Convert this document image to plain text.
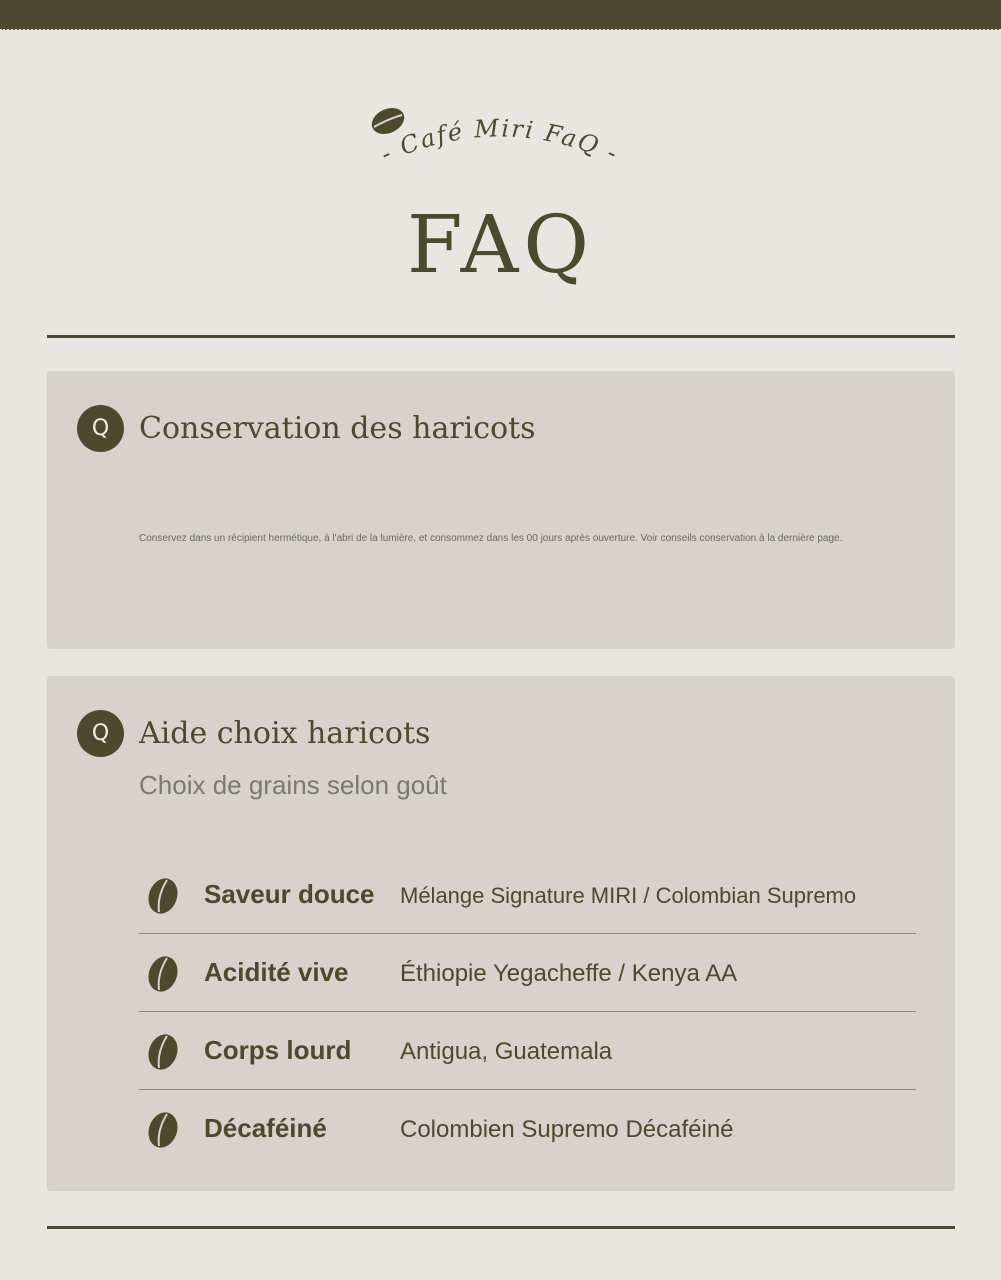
- Café Miri FaQ -
FAQ
Q Conservation des haricots
Conservez dans un récipient hermétique, à l'abri de la lumière, et consommez dans les 00 jours après ouverture. Voir conseils conservation à la dernière page.
Q Aide choix haricots
Choix de grains selon goût
Saveur douce Mélange Signature MIRI / Colombian Supremo
Acidité vive Éthiopie Yegacheffe / Kenya AA
Corps lourd Antigua, Guatemala
Décaféiné	Colombien Supremo Décaféiné
